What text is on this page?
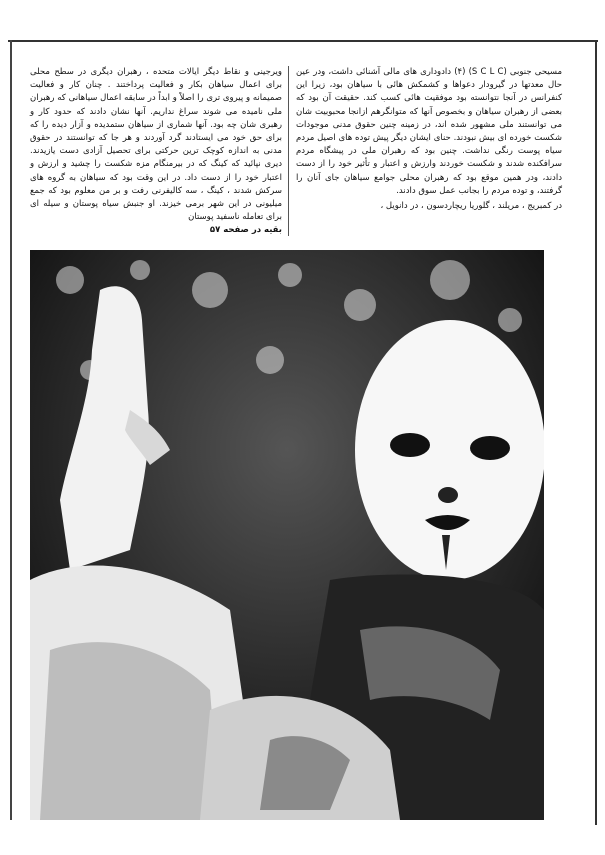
مسیحی جنوبی (S C L C) (۴) دادوداری های مالی آشنائی داشت، ودر عین حال معدتها در گیرودار دعواها و کشمکش هائی با سیاهان بود، زیرا این کنفرانس در آنجا نتوانسته بود موفقیت هائی کسب کند. حقیقت آن بود که بعضی از رهبران سیاهان و بخصوص آنها که متوانگرهم ازانجا محبوبیت شان می توانستند ملی مشهور شده اند، در زمینه چنین حقوق مدنی موجودات شکست خورده ای بیش نبودند. حنای ایشان دیگر پیش توده های اصیل مردم سیاه پوست رنگی نداشت. چنین بود که رهبران ملی در پیشگاه مردم سرافکنده شدند و شکست خوردند وارزش و اعتبار و تأثیر خود را از دست دادند، ودر همین موقع بود که رهبران محلی جوامع سیاهان جای آنان را گرفتند، و توده مردم را بجانب عمل سوق دادند.
در کمبریج ، مریلند ، گلوریا ریچاردسون ، در دانویل ،
ویرجینی و نقاط دیگر ایالات متحده ، رهبران دیگری در سطح محلی برای اعمال سیاهان بکار و فعالیت پرداختند . چنان کار و فعالیت صمیمانه و پیروی تری را اصلاً و ابداً در سابقه اعمال سیاهانی که رهبران ملی نامیده می شوند سراغ نداریم. آنها نشان دادند که حدود کار و رهبری شان چه بود. آنها شماری از سیاهان ستمدیده و آزار دیده را که برای حق خود می ایستادند گرد آوردند و هر جا که توانستند در حقوق مدنی به اندازه کوچک ترین حرکتی برای تحصیل آزادی دست یازیدند. دیری نپائید که کینگ که در بیرمنگام مزه شکست را چشید و ارزش و اعتبار خود را از دست داد. در این وقت بود که سیاهان به گروه های سرکش شدند ، کینگ ، سه کالیفرنی رفت و بر من معلوم بود که جمع میلیونی در این شهر برمی خیزند. او جنبش سیاه پوستان و سیله ای برای تعامله ناسفید پوستان
بقیه در صفحه ۵۷
